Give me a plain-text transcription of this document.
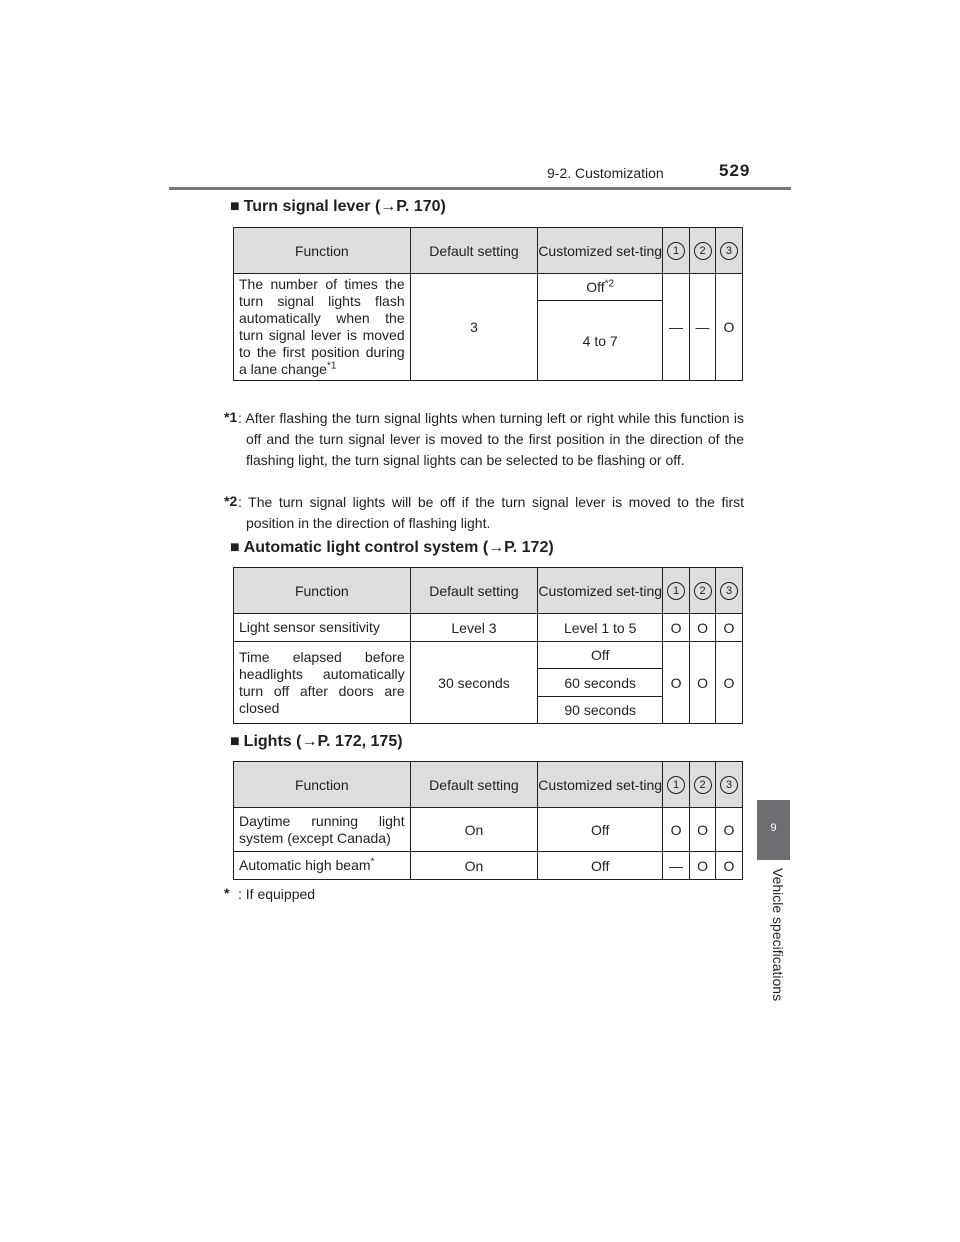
9-2. Customization	529
9
Vehicle specifications
■ Turn signal lever (→P. 170)
Function	Default setting	Customized set-ting	1	2	3
The number of times the turn signal lights flash automatically when the turn signal lever is moved to the first position during a lane change$^{*1}$	3	Off$^{*2}$	—	—	O
		4 to 7			
*1 : After flashing the turn signal lights when turning left or right while this function is off and the turn signal lever is moved to the first position in the direction of the flashing light, the turn signal lights can be selected to be flashing or off.
*2 : The turn signal lights will be off if the turn signal lever is moved to the first position in the direction of flashing light.
■ Automatic light control system (→P. 172)
Function	Default setting	Customized set-ting	1	2	3
Light sensor sensitivity	Level 3	Level 1 to 5	O	O	O
Time elapsed before headlights automatically turn off after doors are closed	30 seconds	Off	O	O	O
		60 seconds			
		90 seconds			
■ Lights (→P. 172, 175)
Function	Default setting	Customized set-ting	1	2	3
Daytime running light system (except Canada)	On	Off	O	O	O
Automatic high beam*	On	Off	—	O	O
* : If equipped
